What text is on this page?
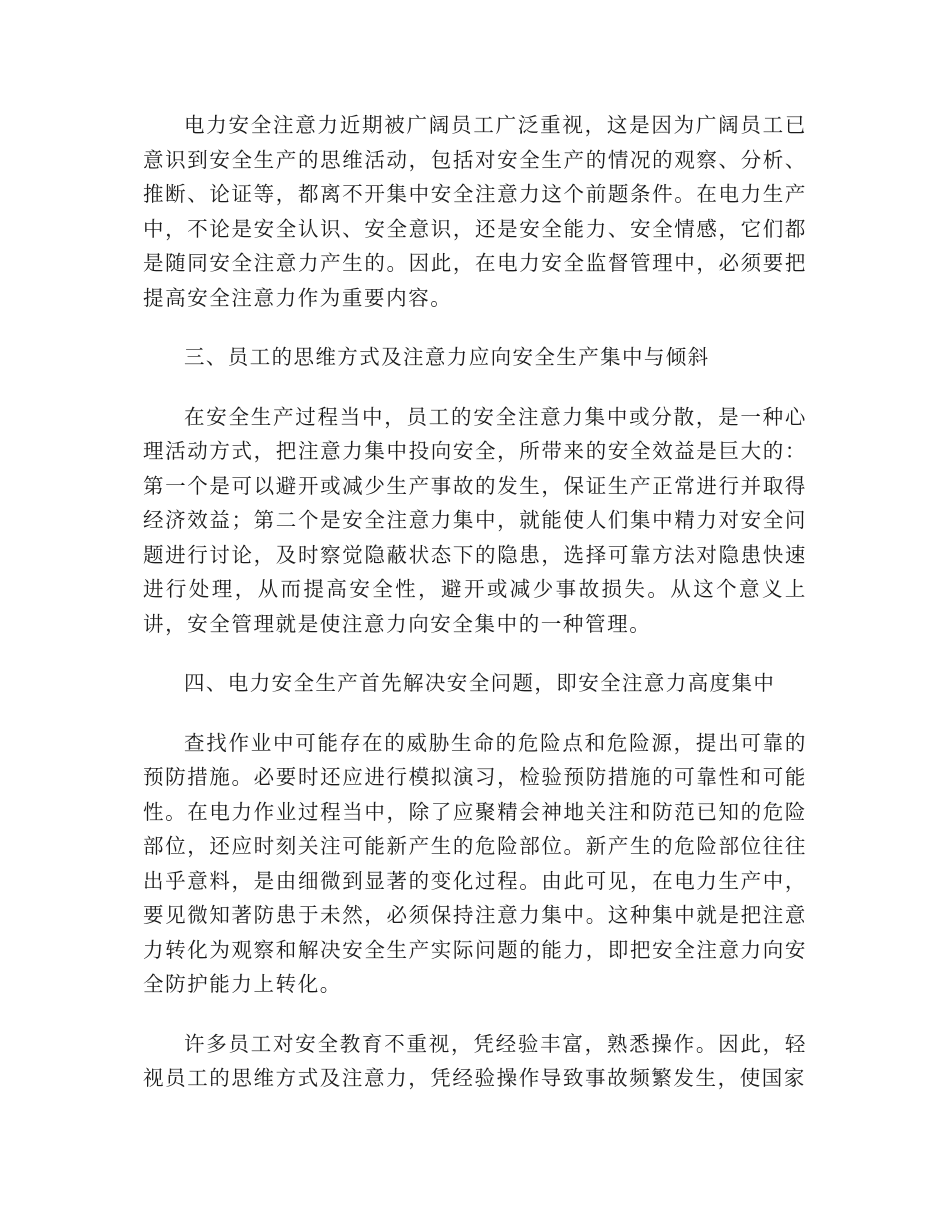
电力安全注意力近期被广阔员工广泛重视，这是因为广阔员工已意识到安全生产的思维活动，包括对安全生产的情况的观察、分析、推断、论证等，都离不开集中安全注意力这个前题条件。在电力生产中，不论是安全认识、安全意识，还是安全能力、安全情感，它们都是随同安全注意力产生的。因此，在电力安全监督管理中，必须要把提高安全注意力作为重要内容。

三、员工的思维方式及注意力应向安全生产集中与倾斜

在安全生产过程当中，员工的安全注意力集中或分散，是一种心理活动方式，把注意力集中投向安全，所带来的安全效益是巨大的：第一个是可以避开或减少生产事故的发生，保证生产正常进行并取得经济效益；第二个是安全注意力集中，就能使人们集中精力对安全问题进行讨论，及时察觉隐蔽状态下的隐患，选择可靠方法对隐患快速进行处理，从而提高安全性，避开或减少事故损失。从这个意义上讲，安全管理就是使注意力向安全集中的一种管理。

四、电力安全生产首先解决安全问题，即安全注意力高度集中

查找作业中可能存在的威胁生命的危险点和危险源，提出可靠的预防措施。必要时还应进行模拟演习，检验预防措施的可靠性和可能性。在电力作业过程当中，除了应聚精会神地关注和防范已知的危险部位，还应时刻关注可能新产生的危险部位。新产生的危险部位往往出乎意料，是由细微到显著的变化过程。由此可见，在电力生产中，要见微知著防患于未然，必须保持注意力集中。这种集中就是把注意力转化为观察和解决安全生产实际问题的能力，即把安全注意力向安全防护能力上转化。

许多员工对安全教育不重视，凭经验丰富，熟悉操作。因此，轻视员工的思维方式及注意力，凭经验操作导致事故频繁发生，使国家
